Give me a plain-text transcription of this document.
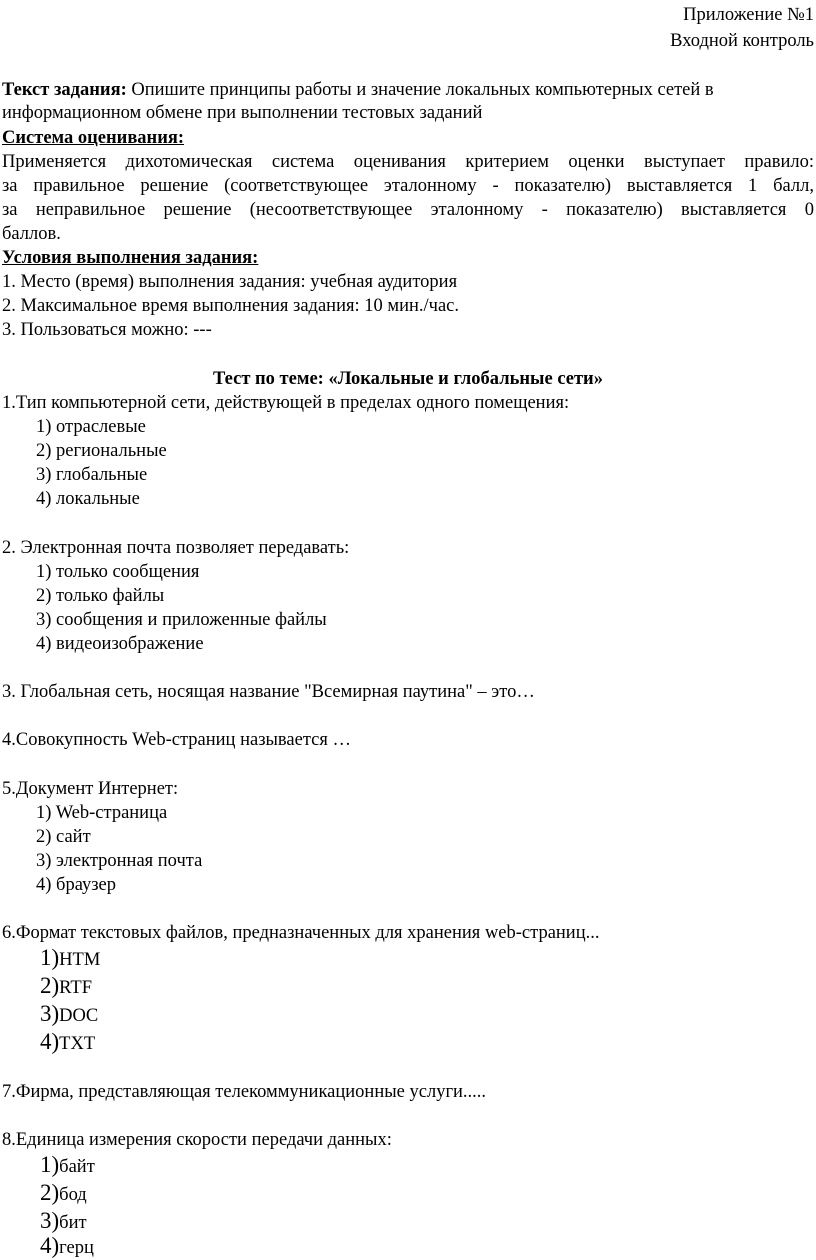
Приложение №1
Входной контроль
Текст задания: Опишите принципы работы и значение локальных компьютерных сетей в
информационном обмене при выполнении тестовых заданий
Система оценивания:
Применяется дихотомическая система оценивания критерием оценки выступает правило:
за правильное решение (соответствующее эталонному - показателю) выставляется 1 балл,
за неправильное решение (несоответствующее эталонному - показателю) выставляется 0
баллов.
Условия выполнения задания:
1. Место (время) выполнения задания: учебная аудитория
2. Максимальное время выполнения задания: 10 мин./час.
3. Пользоваться можно: ---
Тест по теме: «Локальные и глобальные сети»
1.Тип компьютерной сети, действующей в пределах одного помещения:
1) отраслевые
2) региональные
3) глобальные
4) локальные
2. Электронная почта позволяет передавать:
1) только сообщения
2) только файлы
3) сообщения и приложенные файлы
4) видеоизображение
3. Глобальная сеть, носящая название "Всемирная паутина" – это…
4.Совокупность Web-страниц называется …
5.Документ Интернет:
1) Web-страница
2) сайт
3) электронная почта
4) браузер
6.Формат текстовых файлов, предназначенных для хранения web-страниц...
1)HTM
2)RTF
3)DOC
4)TXT
7.Фирма, представляющая телекоммуникационные услуги.....
8.Единица измерения скорости передачи данных:
1)байт
2)бод
3)бит
4)герц
